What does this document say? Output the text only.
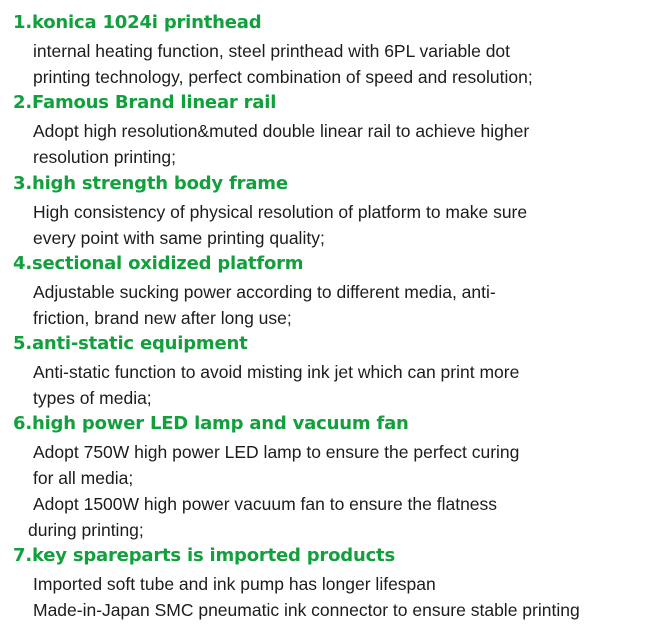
1.konica 1024i printhead
internal heating function, steel printhead with 6PL variable dot
printing technology, perfect combination of speed and resolution;
2.Famous Brand linear rail
Adopt high resolution&muted double linear rail to achieve higher
resolution printing;
3.high strength body frame
High consistency of physical resolution of platform to make sure
every point with same printing quality;
4.sectional oxidized platform
Adjustable sucking power according to different media, anti-
friction, brand new after long use;
5.anti-static equipment
Anti-static function to avoid misting ink jet which can print more
types of media;
6.high power LED lamp and vacuum fan
Adopt 750W high power LED lamp to ensure the perfect curing
for all media;
Adopt 1500W high power vacuum fan to ensure the flatness
during printing;
7.key spareparts is imported products
Imported soft tube and ink pump has longer lifespan
Made-in-Japan SMC pneumatic ink connector to ensure stable printing
